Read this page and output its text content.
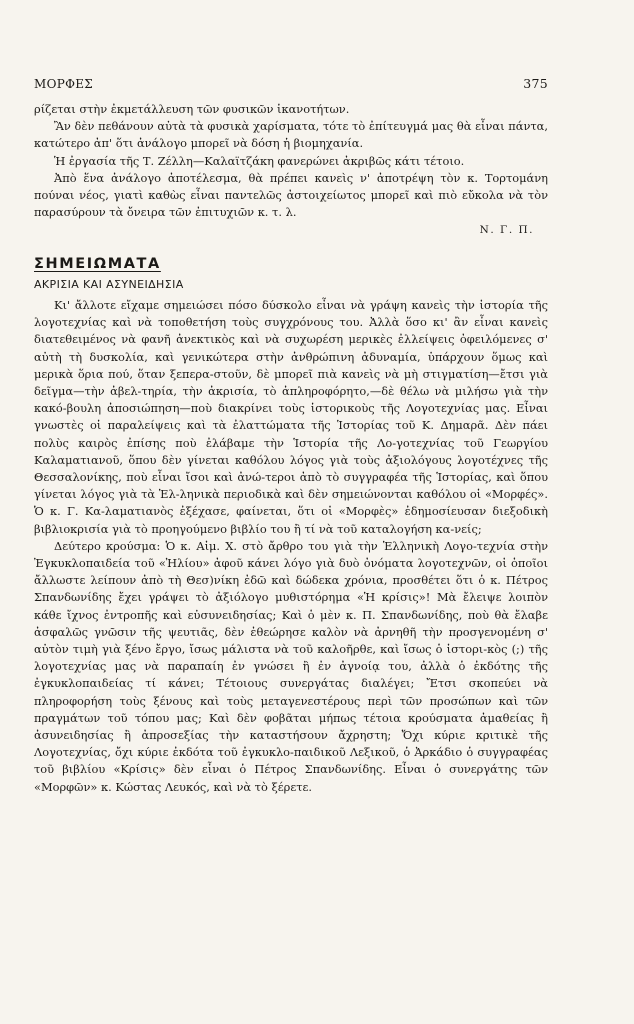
ΜΟΡΦΕΣ	375

ρίζεται στὴν ἐκμετάλλευση τῶν φυσικῶν ἱκανοτήτων.

Ἂν δὲν πεθάνουν αὐτὰ τὰ φυσικὰ χαρίσματα, τότε τὸ ἐπίτευγμά μας θὰ εἶναι πάντα, κατώτερο ἀπ' ὅτι ἀνάλογο μπορεῖ νὰ δόση ἡ βιομηχανία.

Ἡ ἐργασία τῆς Τ. Ζέλλη—Καλαϊτζάκη φανερώνει ἀκριβῶς κάτι τέτοιο.

Ἀπὸ ἕνα ἀνάλογο ἀποτέλεσμα, θὰ πρέπει κανεὶς ν' ἀποτρέψη τὸν κ. Τορτομάνη πούναι νέος, γιατὶ καθὼς εἶναι παντελῶς ἀστοιχείωτος μπορεῖ καὶ πιὸ εὔκολα νὰ τὸν παρασύρουν τὰ ὄνειρα τῶν ἐπιτυχιῶν κ. τ. λ.

Ν. Γ. Π.
ΣΗΜΕΙΩΜΑΤΑ
ΑΚΡΙΣΙΑ ΚΑΙ ΑΣΥΝΕΙΔΗΣΙΑ

Κι' ἄλλοτε εἴχαμε σημειώσει πόσο δύσκολο εἶναι νὰ γράψη κανεὶς τὴν ἱστορία τῆς λογοτεχνίας καὶ νὰ τοποθετήση τοὺς συγχρόνους του. Ἀλλὰ ὅσο κι' ἂν εἶναι κανεὶς διατεθειμένος νὰ φανῆ ἀνεκτικὸς καὶ νὰ συχωρέση μερικὲς ἐλλείψεις ὀφειλόμενες σ' αὐτὴ τὴ δυσκολία, καὶ γενικώτερα στὴν ἀνθρώπινη ἀδυναμία, ὑπάρχουν ὅμως καὶ μερικὰ ὅρια πού, ὅταν ξεπερα-στοῦν, δὲ μπορεῖ πιὰ κανεὶς νὰ μὴ στιγματίση—ἔτσι γιὰ δεῖγμα—τὴν ἀβελ-τηρία, τὴν ἀκρισία, τὸ ἀπληροφόρητο,—δὲ θέλω νὰ μιλήσω γιὰ τὴν κακό-βουλη ἀποσιώπηση—ποὺ διακρίνει τοὺς ἱστορικοὺς τῆς Λογοτεχνίας μας. Εἶναι γνωστὲς οἱ παραλείψεις καὶ τὰ ἐλαττώματα τῆς Ἱστορίας τοῦ Κ. Δημαρᾶ. Δὲν πάει πολὺς καιρὸς ἐπίσης ποὺ ἐλάβαμε τὴν Ἱστορία τῆς Λο-γοτεχνίας τοῦ Γεωργίου Καλαματιανοῦ, ὅπου δὲν γίνεται καθόλου λόγος γιὰ τοὺς ἀξιολόγους λογοτέχνες τῆς Θεσσαλονίκης, ποὺ εἶναι ἴσοι καὶ ἀνώ-τεροι ἀπὸ τὸ συγγραφέα τῆς Ἱστορίας, καὶ ὅπου γίνεται λόγος γιὰ τὰ Ἑλ-ληνικὰ περιοδικὰ καὶ δὲν σημειώνονται καθόλου οἱ «Μορφές». Ὁ κ. Γ. Κα-λαματιανὸς ἐξέχασε, φαίνεται, ὅτι οἱ «Μορφὲς» ἐδημοσίευσαν διεξοδικὴ βιβλιοκρισία γιὰ τὸ προηγούμενο βιβλίο του ἢ τί νὰ τοῦ καταλογήση κα-νείς;

Δεύτερο κρούσμα: Ὁ κ. Αἰμ. Χ. στὸ ἄρθρο του γιὰ τὴν Ἑλληνικὴ Λογο-τεχνία στὴν Ἐγκυκλοπαιδεία τοῦ «Ἡλίου» ἀφοῦ κάνει λόγο γιὰ δυὸ ὀνόματα λογοτεχνῶν, οἱ ὁποῖοι ἄλλωστε λείπουν ἀπὸ τὴ Θεσ)νίκη ἐδῶ καὶ δώδεκα χρόνια, προσθέτει ὅτι ὁ κ. Πέτρος Σπανδωνίδης ἔχει γράψει τὸ ἀξιόλογο μυθιστόρημα «Ἡ κρίσις»! Μὰ ἔλειψε λοιπὸν κάθε ἴχνος ἐντροπῆς καὶ εὐσυνειδησίας; Καὶ ὁ μὲν κ. Π. Σπανδωνίδης, ποὺ θὰ ἔλαβε ἀσφαλῶς γνῶσιν τῆς ψευτιᾶς, δὲν ἐθεώρησε καλὸν νὰ ἀρνηθῆ τὴν προσγενομένη σ' αὐτὸν τιμὴ γιὰ ξένο ἔργο, ἴσως μάλιστα νὰ τοῦ καλοῆρθε, καὶ ἴσως ὁ ἱστορι-κὸς (;) τῆς λογοτεχνίας μας νὰ παραπαίη ἐν γνώσει ἢ ἐν ἀγνοίᾳ του, ἀλλὰ ὁ ἐκδότης τῆς ἐγκυκλοπαιδείας τί κάνει; Τέτοιους συνεργάτας διαλέγει; Ἔτσι σκοπεύει νὰ πληροφορήση τοὺς ξένους καὶ τοὺς μεταγενεστέρους περὶ τῶν προσώπων καὶ τῶν πραγμάτων τοῦ τόπου μας; Καὶ δὲν φοβᾶται μήπως τέτοια κρούσματα ἀμαθείας ἢ ἀσυνειδησίας ἢ ἀπροσεξίας τὴν καταστήσουν ἄχρηστη; Ὄχι κύριε κριτικὲ τῆς Λογοτεχνίας, ὄχι κύριε ἐκδότα τοῦ ἐγκυκλο-παιδικοῦ Λεξικοῦ, ὁ Ἀρκάδιο ὁ συγγραφέας τοῦ βιβλίου «Κρίσις» δὲν εἶναι ὁ Πέτρος Σπανδωνίδης. Εἶναι ὁ συνεργάτης τῶν «Μορφῶν» κ. Κώστας Λευκός, καὶ νὰ τὸ ξέρετε.
